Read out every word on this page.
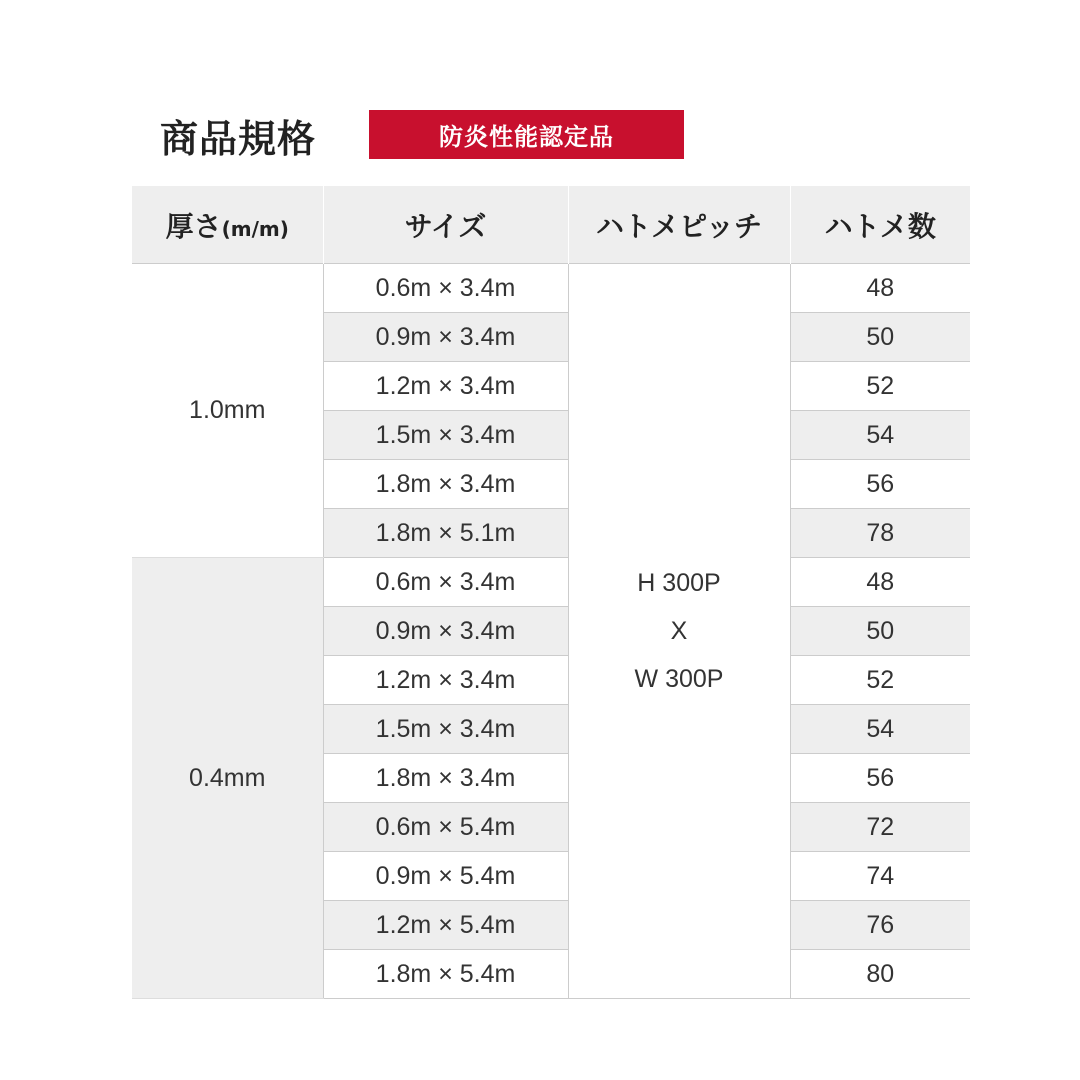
商品規格	防炎性能認定品
厚さ(m/m)	サイズ	ハトメピッチ	ハトメ数
1.0mm	0.6m × 3.4m	H 300P
X
W 300P	48
	0.9m × 3.4m		50
	1.2m × 3.4m		52
	1.5m × 3.4m		54
	1.8m × 3.4m		56
	1.8m × 5.1m		78
0.4mm	0.6m × 3.4m		48
	0.9m × 3.4m		50
	1.2m × 3.4m		52
	1.5m × 3.4m		54
	1.8m × 3.4m		56
	0.6m × 5.4m		72
	0.9m × 5.4m		74
	1.2m × 5.4m		76
	1.8m × 5.4m		80
